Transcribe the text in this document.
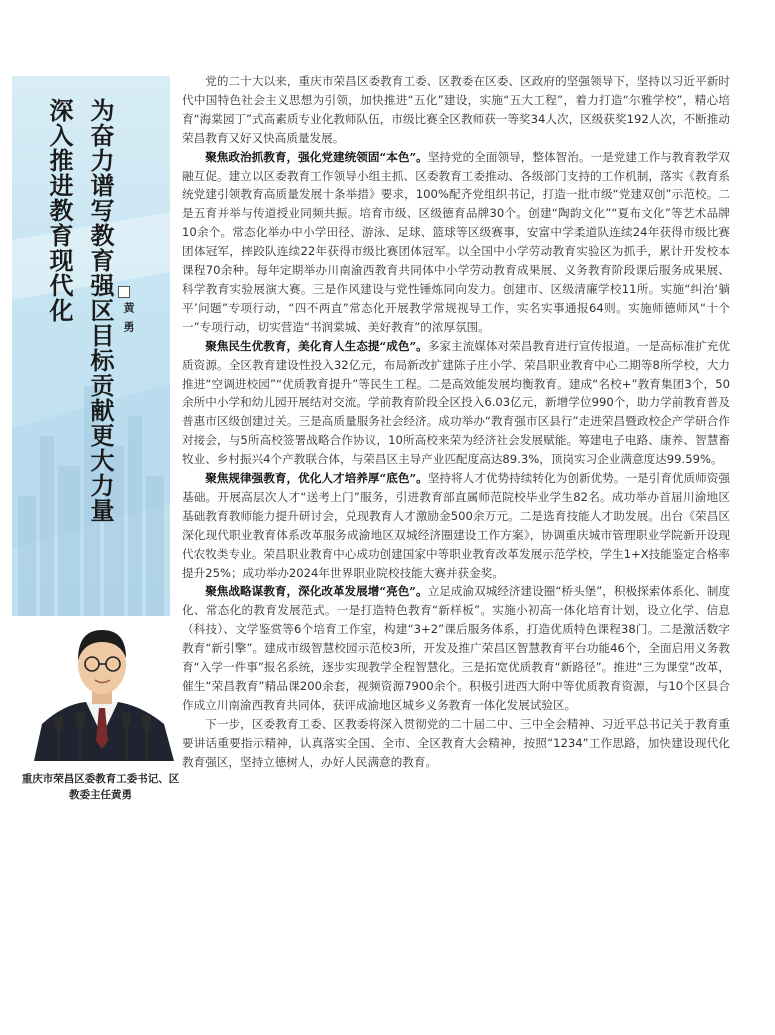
为奋力谱写教育强区目标贡献更大力量
深入推进教育现代化	黄勇
重庆市荣昌区委教育工委书记、区教委主任黄勇

党的二十大以来，重庆市荣昌区委教育工委、区教委在区委、区政府的坚强领导下，坚持以习近平新时代中国特色社会主义思想为引领，加快推进“五化”建设，实施“五大工程”，着力打造“尔雅学校”，精心培育“海棠园丁”式高素质专业化教师队伍，市级比赛全区教师获一等奖34人次，区级获奖192人次，不断推动荣昌教育又好又快高质量发展。

聚焦政治抓教育，强化党建统领固“本色”。坚持党的全面领导，整体智治。一是党建工作与教育教学双融互促。建立以区委教育工作领导小组主抓、区委教育工委推动、各级部门支持的工作机制，落实《教育系统党建引领教育高质量发展十条举措》要求，100%配齐党组织书记，打造一批市级“党建双创”示范校。二是五育并举与传道授业同频共振。培育市级、区级德育品牌30个。创建“陶韵文化”“夏布文化”等艺术品牌10余个。常态化举办中小学田径、游泳、足球、篮球等区级赛事，安富中学柔道队连续24年获得市级比赛团体冠军，摔跤队连续22年获得市级比赛团体冠军。以全国中小学劳动教育实验区为抓手，累计开发校本课程70余种。每年定期举办川南渝西教育共同体中小学劳动教育成果展、义务教育阶段课后服务成果展、科学教育实验展演大赛。三是作风建设与党性锤炼同向发力。创建市、区级清廉学校11所。实施“纠治‘躺平’问题”专项行动，“四不两直”常态化开展教学常规视导工作，实名实事通报64则。实施师德师风“十个一”专项行动，切实营造“书润棠城、美好教育”的浓厚氛围。

聚焦民生优教育，美化育人生态提“成色”。多家主流媒体对荣昌教育进行宣传报道。一是高标准扩充优质资源。全区教育建设性投入32亿元，布局新改扩建陈子庄小学、荣昌职业教育中心二期等8所学校，大力推进“空调进校园”“优质教育提升”等民生工程。二是高效能发展均衡教育。建成“名校+”教育集团3个，50余所中小学和幼儿园开展结对交流。学前教育阶段全区投入6.03亿元，新增学位990个，助力学前教育普及普惠市区级创建过关。三是高质量服务社会经济。成功举办“教育强市区县行”走进荣昌暨政校企产学研合作对接会，与5所高校签署战略合作协议，10所高校来荣为经济社会发展赋能。筹建电子电路、康养、智慧畜牧业、乡村振兴4个产教联合体，与荣昌区主导产业匹配度高达89.3%，顶岗实习企业满意度达99.59%。

聚焦规律强教育，优化人才培养厚“底色”。坚持将人才优势持续转化为创新优势。一是引育优质师资强基础。开展高层次人才“送考上门”服务，引进教育部直属师范院校毕业学生82名。成功举办首届川渝地区基础教育教师能力提升研讨会，兑现教育人才激励金500余万元。二是选育技能人才助发展。出台《荣昌区深化现代职业教育体系改革服务成渝地区双城经济圈建设工作方案》，协调重庆城市管理职业学院新开设现代农牧类专业。荣昌职业教育中心成功创建国家中等职业教育改革发展示范学校，学生1+X技能鉴定合格率提升25%；成功举办2024年世界职业院校技能大赛并获金奖。

聚焦战略谋教育，深化改革发展增“亮色”。立足成渝双城经济建设圈“桥头堡”，积极探索体系化、制度化、常态化的教育发展范式。一是打造特色教育“新样板”。实施小初高一体化培育计划，设立化学、信息（科技）、文学鉴赏等6个培育工作室，构建“3+2”课后服务体系，打造优质特色课程38门。二是激活数字教育“新引擎”。建成市级智慧校园示范校3所，开发及推广荣昌区智慧教育平台功能46个，全面启用义务教育“入学一件事”报名系统，逐步实现教学全程智慧化。三是拓宽优质教育“新路径”。推进“三为课堂”改革，催生“荣昌教育”精品课200余套，视频资源7900余个。积极引进西大附中等优质教育资源，与10个区县合作成立川南渝西教育共同体，获评成渝地区城乡义务教育一体化发展试验区。

下一步，区委教育工委、区教委将深入贯彻党的二十届二中、三中全会精神、习近平总书记关于教育重要讲话重要指示精神，认真落实全国、全市、全区教育大会精神，按照“1234”工作思路，加快建设现代化教育强区，坚持立德树人，办好人民满意的教育。
